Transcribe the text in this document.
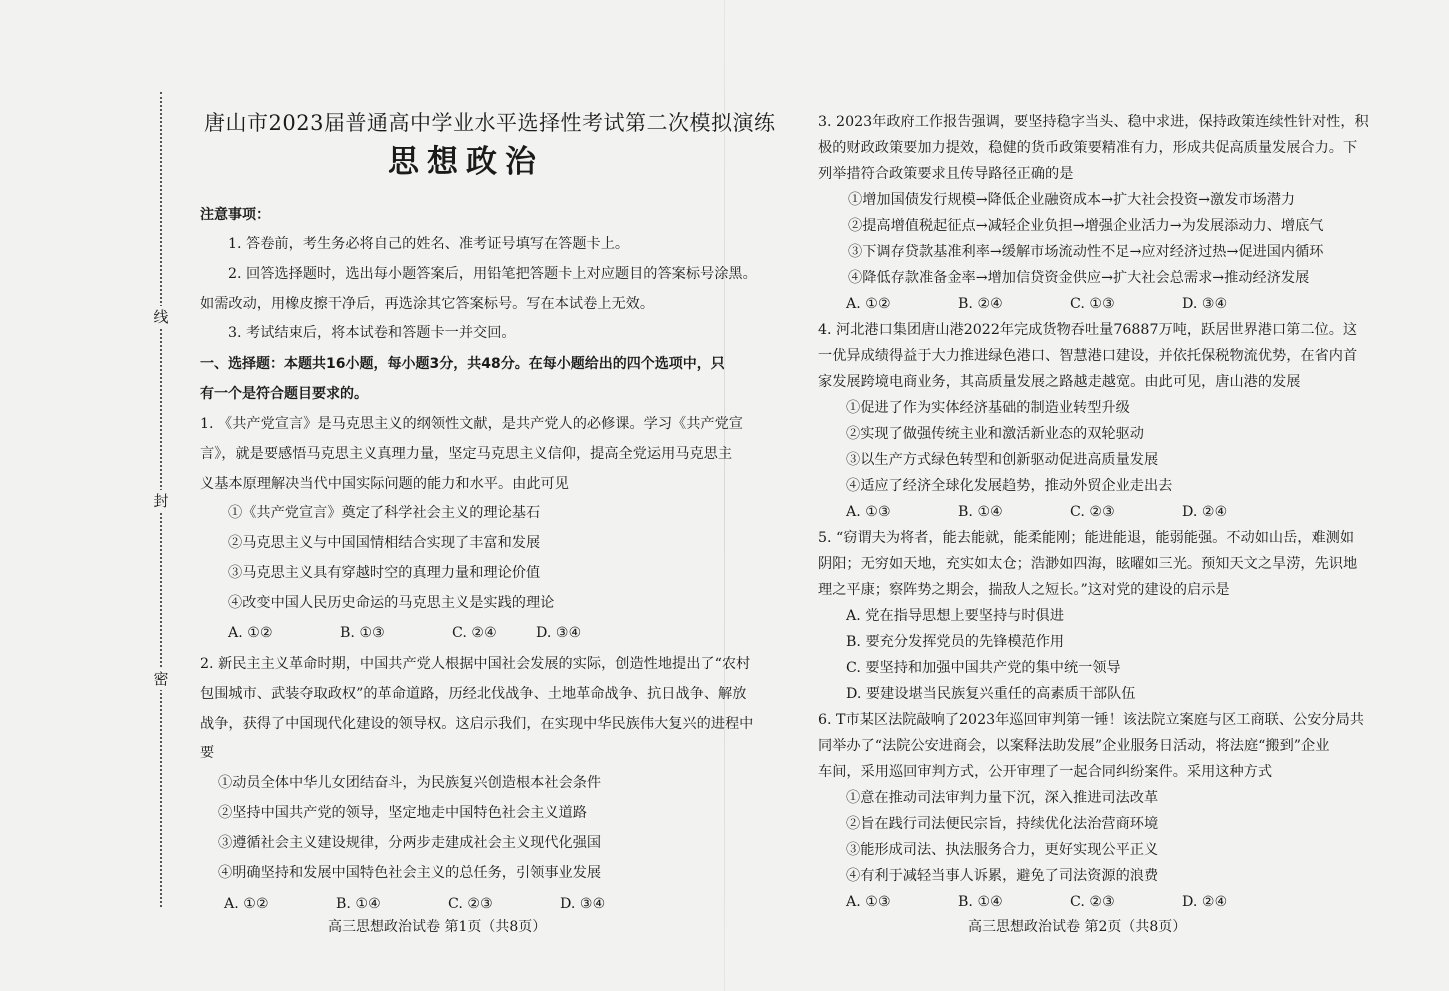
线
封
密
唐山市2023届普通高中学业水平选择性考试第二次模拟演练
思想政治
注意事项：
1. 答卷前，考生务必将自己的姓名、准考证号填写在答题卡上。
2. 回答选择题时，选出每小题答案后，用铅笔把答题卡上对应题目的答案标号涂黑。
如需改动，用橡皮擦干净后，再选涂其它答案标号。写在本试卷上无效。
3. 考试结束后，将本试卷和答题卡一并交回。
一、选择题：本题共16小题，每小题3分，共48分。在每小题给出的四个选项中，只
有一个是符合题目要求的。
1. 《共产党宣言》是马克思主义的纲领性文献，是共产党人的必修课。学习《共产党宣
言》，就是要感悟马克思主义真理力量，坚定马克思主义信仰，提高全党运用马克思主
义基本原理解决当代中国实际问题的能力和水平。由此可见
①《共产党宣言》奠定了科学社会主义的理论基石
②马克思主义与中国国情相结合实现了丰富和发展
③马克思主义具有穿越时空的真理力量和理论价值
④改变中国人民历史命运的马克思主义是实践的理论
A. ①②	B. ①③	C. ②④	D. ③④
2. 新民主主义革命时期，中国共产党人根据中国社会发展的实际，创造性地提出了“农村
包围城市、武装夺取政权”的革命道路，历经北伐战争、土地革命战争、抗日战争、解放
战争，获得了中国现代化建设的领导权。这启示我们，在实现中华民族伟大复兴的进程中
要
①动员全体中华儿女团结奋斗，为民族复兴创造根本社会条件
②坚持中国共产党的领导，坚定地走中国特色社会主义道路
③遵循社会主义建设规律，分两步走建成社会主义现代化强国
④明确坚持和发展中国特色社会主义的总任务，引领事业发展
A. ①②	B. ①④	C. ②③	D. ③④
高三思想政治试卷 第1页（共8页）
3. 2023年政府工作报告强调，要坚持稳字当头、稳中求进，保持政策连续性针对性，积
极的财政政策要加力提效，稳健的货币政策要精准有力，形成共促高质量发展合力。下
列举措符合政策要求且传导路径正确的是
①增加国债发行规模→降低企业融资成本→扩大社会投资→激发市场潜力
②提高增值税起征点→减轻企业负担→增强企业活力→为发展添动力、增底气
③下调存贷款基准利率→缓解市场流动性不足→应对经济过热→促进国内循环
④降低存款准备金率→增加信贷资金供应→扩大社会总需求→推动经济发展
A. ①②	B. ②④	C. ①③	D. ③④
4. 河北港口集团唐山港2022年完成货物吞吐量76887万吨，跃居世界港口第二位。这
一优异成绩得益于大力推进绿色港口、智慧港口建设，并依托保税物流优势，在省内首
家发展跨境电商业务，其高质量发展之路越走越宽。由此可见，唐山港的发展
①促进了作为实体经济基础的制造业转型升级
②实现了做强传统主业和激活新业态的双轮驱动
③以生产方式绿色转型和创新驱动促进高质量发展
④适应了经济全球化发展趋势，推动外贸企业走出去
A. ①③	B. ①④	C. ②③	D. ②④
5. “窃谓夫为将者，能去能就，能柔能刚；能进能退，能弱能强。不动如山岳，难测如
阴阳；无穷如天地，充实如太仓；浩渺如四海，眩曜如三光。预知天文之旱涝，先识地
理之平康；察阵势之期会，揣敌人之短长。”这对党的建设的启示是
A. 党在指导思想上要坚持与时俱进
B. 要充分发挥党员的先锋模范作用
C. 要坚持和加强中国共产党的集中统一领导
D. 要建设堪当民族复兴重任的高素质干部队伍
6. T市某区法院敲响了2023年巡回审判第一锤！该法院立案庭与区工商联、公安分局共
同举办了“法院公安进商会，以案释法助发展”企业服务日活动，将法庭“搬到”企业
车间，采用巡回审判方式，公开审理了一起合同纠纷案件。采用这种方式
①意在推动司法审判力量下沉，深入推进司法改革
②旨在践行司法便民宗旨，持续优化法治营商环境
③能形成司法、执法服务合力，更好实现公平正义
④有利于减轻当事人诉累，避免了司法资源的浪费
A. ①③	B. ①④	C. ②③	D. ②④
高三思想政治试卷 第2页（共8页）
